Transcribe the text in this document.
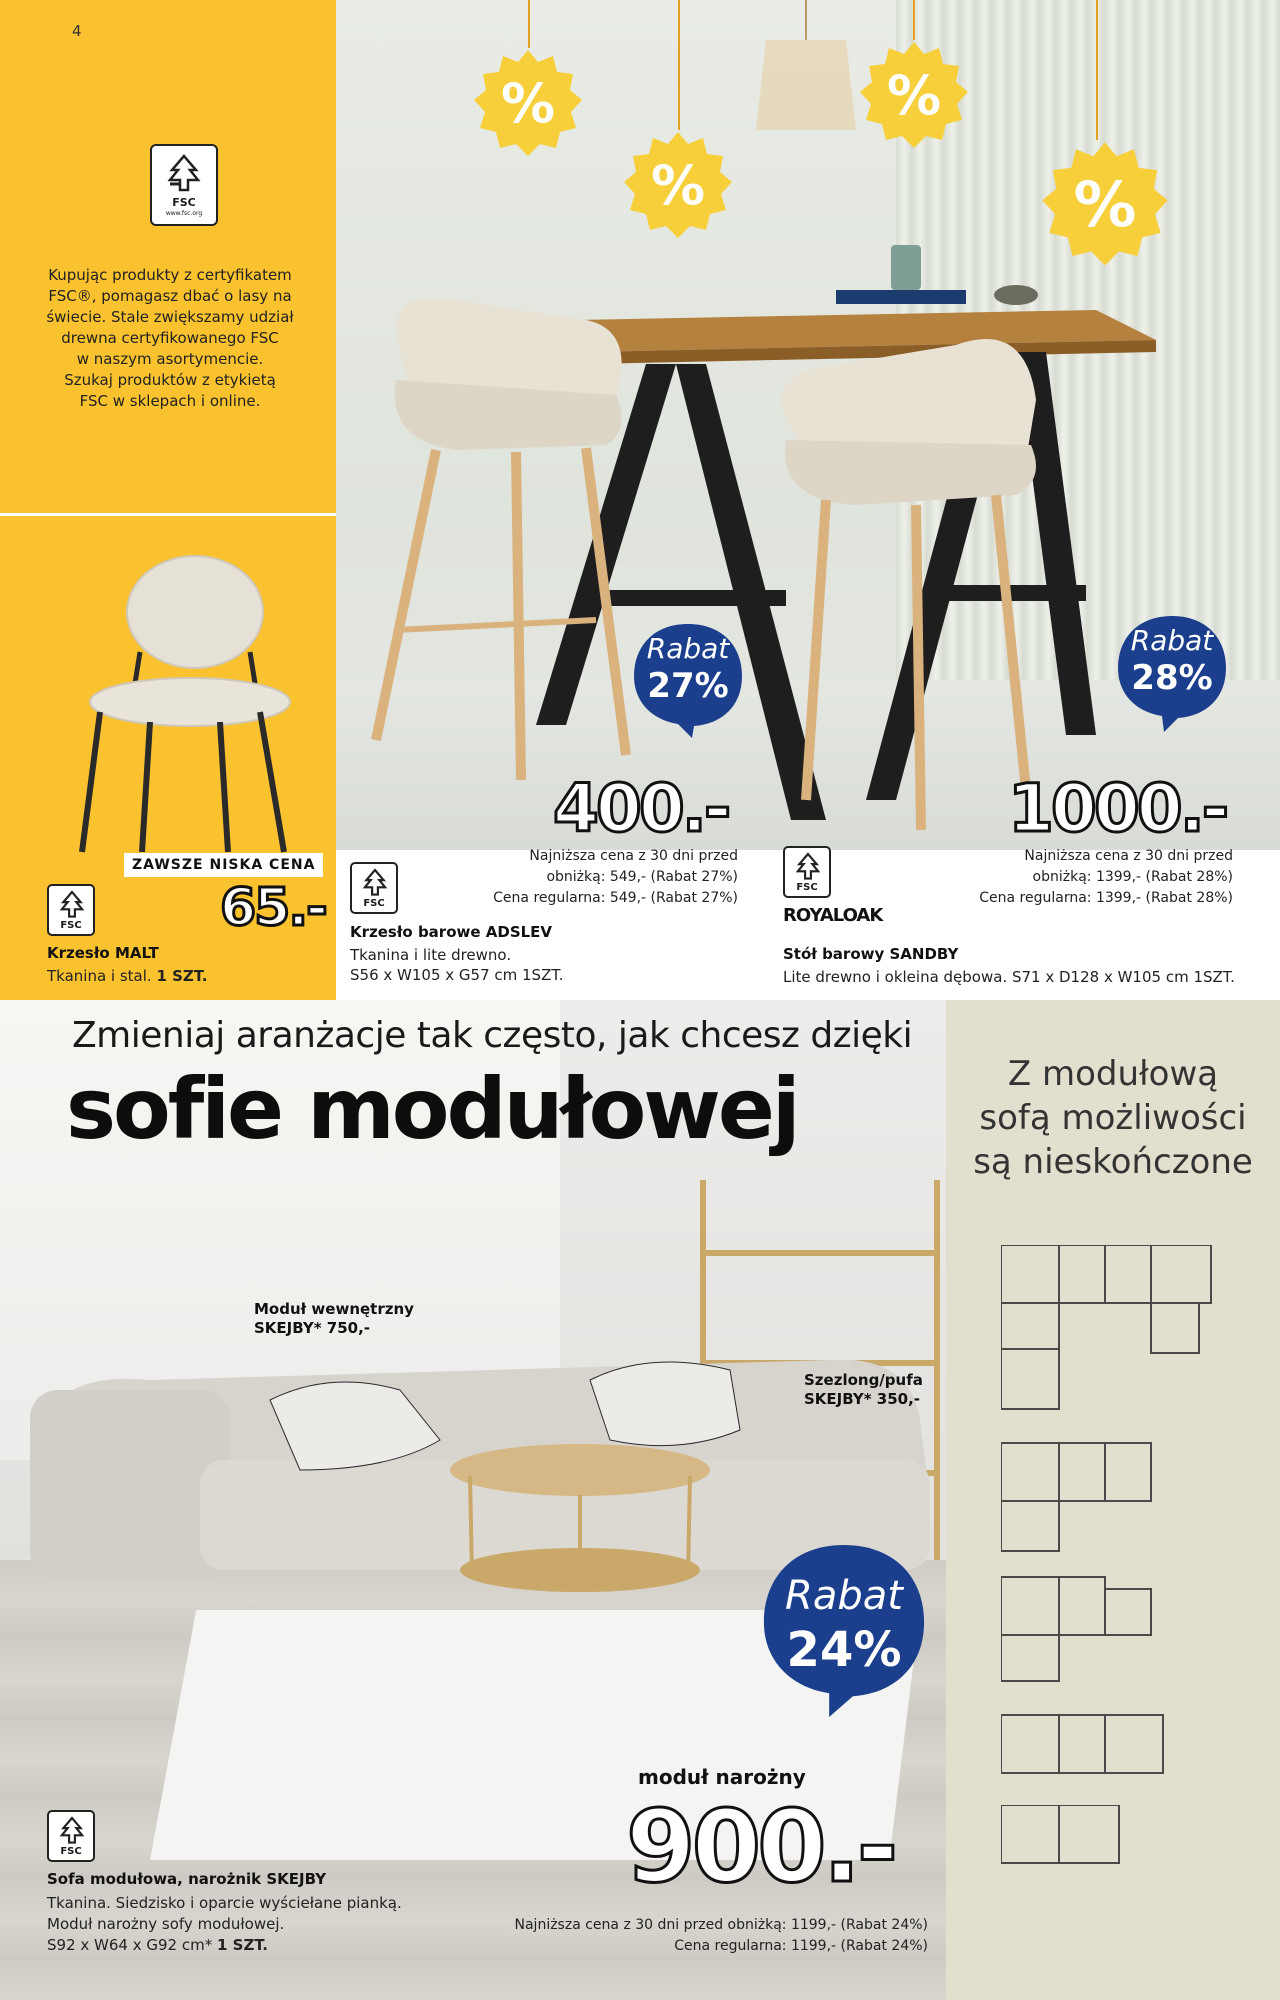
4
FSC
www.fsc.org
Kupując produkty z certyfikatem
FSC®, pomagasz dbać o lasy na
świecie. Stale zwiększamy udział
drewna certyfikowanego FSC
w naszym asortymencie.
Szukaj produktów z etykietą
FSC w sklepach i online.
ZAWSZE NISKA CENA
65.-
FSC
Krzesło MALT
Tkanina i stal. 1 SZT.
%
%
%
%
Rabat
27%
Rabat
28%
400.-
Najniższa cena z 30 dni przed
obniżką: 549,- (Rabat 27%)
Cena regularna: 549,- (Rabat 27%)
FSC
Krzesło barowe ADSLEV
Tkanina i lite drewno.
S56 x W105 x G57 cm 1SZT.
1000.-
Najniższa cena z 30 dni przed
obniżką: 1399,- (Rabat 28%)
Cena regularna: 1399,- (Rabat 28%)
FSC
ROYALOAK
Stół barowy SANDBY
Lite drewno i okleina dębowa. S71 x D128 x W105 cm 1SZT.
Zmieniaj aranżacje tak często, jak chcesz dzięki
sofie modułowej	Z modułową
sofą możliwości
są nieskończone
Moduł wewnętrzny
SKEJBY* 750,-
Szezlong/pufa
SKEJBY* 350,-
Rabat
24%
moduł narożny
900.-
Najniższa cena z 30 dni przed obniżką: 1199,- (Rabat 24%)
Cena regularna: 1199,- (Rabat 24%)
FSC
Sofa modułowa, narożnik SKEJBY
Tkanina. Siedzisko i oparcie wyściełane pianką.
Moduł narożny sofy modułowej.
S92 x W64 x G92 cm* 1 SZT.
